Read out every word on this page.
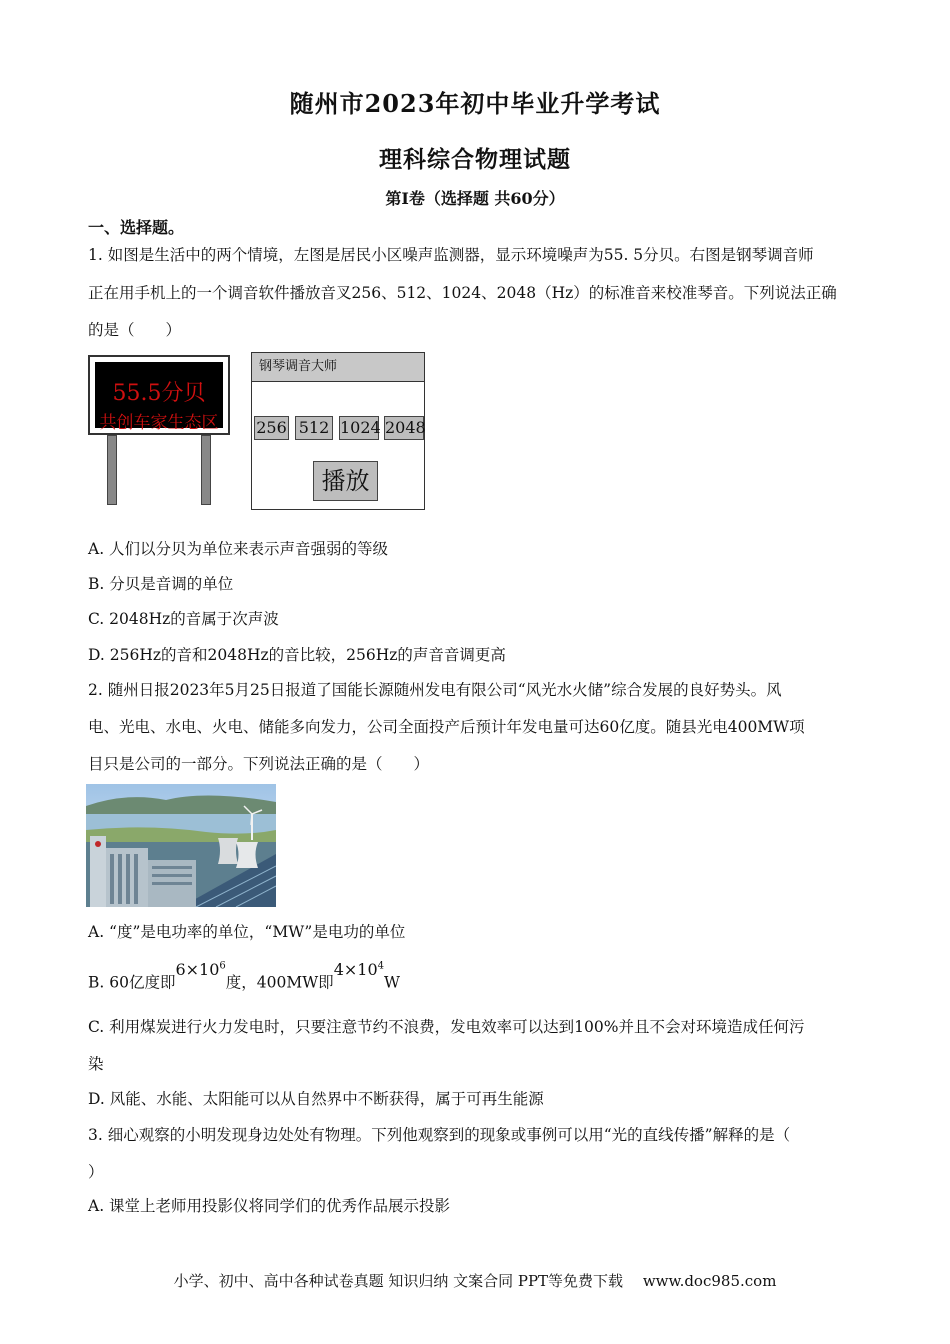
随州市2023年初中毕业升学考试
理科综合物理试题
第Ⅰ卷（选择题 共60分）
一、选择题。
1. 如图是生活中的两个情境，左图是居民小区噪声监测器，显示环境噪声为55. 5分贝。右图是钢琴调音师
正在用手机上的一个调音软件播放音叉256、512、1024、2048（Hz）的标准音来校准琴音。下列说法正确
的是（　　）
55.5分贝
共创车家生态区
钢琴调音大师
256 512 1024 2048
播放
A. 人们以分贝为单位来表示声音强弱的等级
B. 分贝是音调的单位
C. 2048Hz的音属于次声波
D. 256Hz的音和2048Hz的音比较，256Hz的声音音调更高
2. 随州日报2023年5月25日报道了国能长源随州发电有限公司“风光水火储”综合发展的良好势头。风
电、光电、水电、火电、储能多向发力，公司全面投产后预计年发电量可达60亿度。随县光电400MW项
目只是公司的一部分。下列说法正确的是（　　）
A. “度”是电功率的单位，“MW”是电功的单位
B. 60亿度即$6\times 10^6$度，400MW即$4\times 10^4W$
C. 利用煤炭进行火力发电时，只要注意节约不浪费，发电效率可以达到100%并且不会对环境造成任何污
染
D. 风能、水能、太阳能可以从自然界中不断获得，属于可再生能源
3. 细心观察的小明发现身边处处有物理。下列他观察到的现象或事例可以用“光的直线传播”解释的是（
）
A. 课堂上老师用投影仪将同学们的优秀作品展示投影
小学、初中、高中各种试卷真题 知识归纳 文案合同 PPT等免费下载　 www.doc985.com
